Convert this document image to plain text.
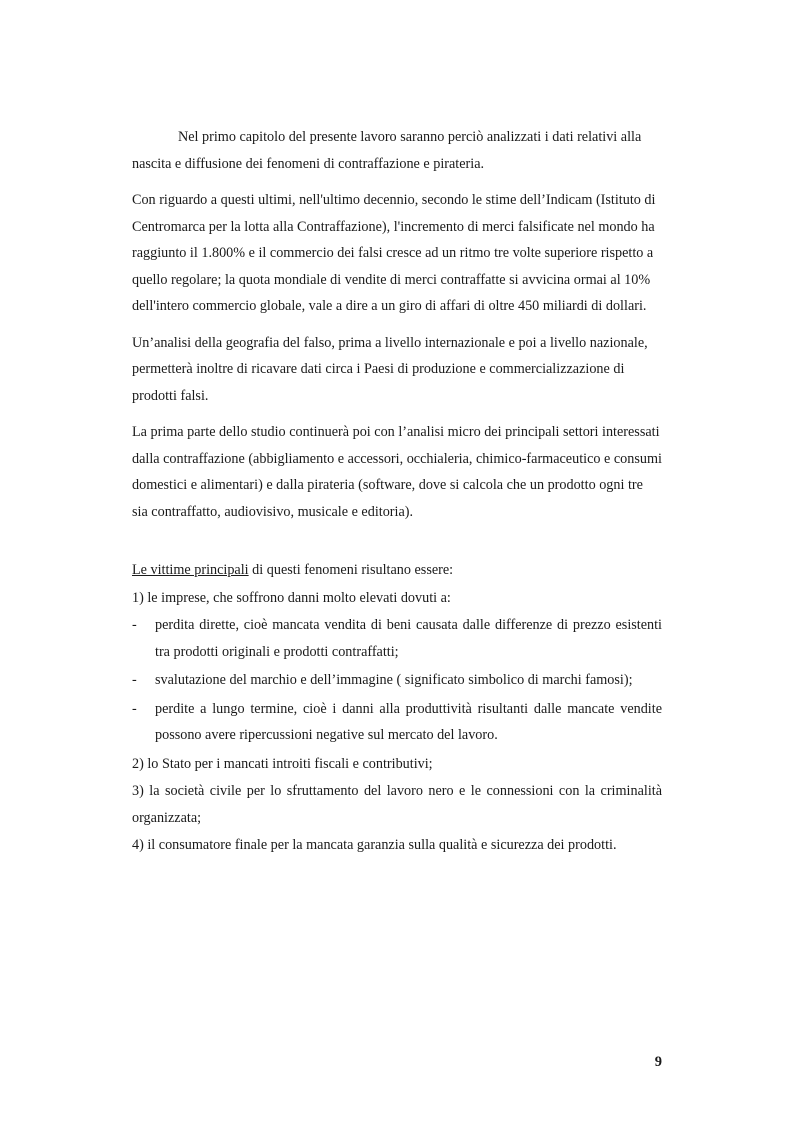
Nel primo capitolo del presente lavoro saranno perciò analizzati i dati relativi alla nascita e diffusione dei fenomeni di contraffazione e pirateria.

Con riguardo a questi ultimi, nell'ultimo decennio, secondo le stime dell’Indicam (Istituto di Centromarca per la lotta alla Contraffazione), l'incremento di merci falsificate nel mondo ha raggiunto il 1.800% e il commercio dei falsi cresce ad un ritmo tre volte superiore rispetto a quello regolare; la quota mondiale di vendite di merci contraffatte si avvicina ormai al 10% dell'intero commercio globale, vale a dire a un giro di affari di oltre 450 miliardi di dollari.

Un’analisi della geografia del falso, prima a livello internazionale e poi a livello nazionale, permetterà inoltre di ricavare dati circa i Paesi di produzione e commercializzazione di prodotti falsi.

La prima parte dello studio continuerà poi con l’analisi micro dei principali settori interessati dalla contraffazione (abbigliamento e accessori, occhialeria, chimico-farmaceutico e consumi domestici e alimentari) e dalla pirateria (software, dove si calcola che un prodotto ogni tre sia contraffatto, audiovisivo, musicale e editoria).

Le vittime principali di questi fenomeni risultano essere:

1) le imprese, che soffrono danni molto elevati dovuti a:

- perdita dirette, cioè mancata vendita di beni causata dalle differenze di prezzo esistenti tra prodotti originali e prodotti contraffatti;
- svalutazione del marchio e dell’immagine ( significato simbolico di marchi famosi);
- perdite a lungo termine, cioè i danni alla produttività risultanti dalle mancate vendite possono avere ripercussioni negative sul mercato del lavoro.

2) lo Stato per i mancati introiti fiscali e contributivi;

3) la società civile per lo sfruttamento del lavoro nero e le connessioni con la criminalità organizzata;

4) il consumatore finale per la mancata garanzia sulla qualità e sicurezza dei prodotti.

9
